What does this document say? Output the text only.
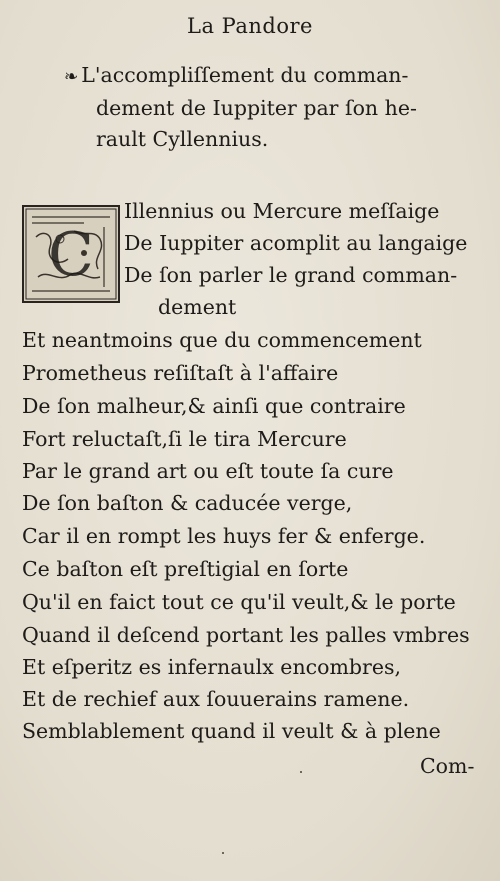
La Pandore
❧ L'accompliſſement du comman-
dement de Iuppiter par ſon he-
rault Cyllennius.
C
Illennius ou Mercure meſſaige
De Iuppiter acomplit au langaige
De ſon parler le grand comman-
dement
Et neantmoins que du commencement
Prometheus reſiſtaſt à l'affaire
De ſon malheur,& ainſi que contraire
Fort reluctaſt,ſi le tira Mercure
Par le grand art ou eſt toute ſa cure
De ſon baſton & caducée verge,
Car il en rompt les huys fer & enferge.
Ce baſton eſt preſtigial en ſorte
Qu'il en faict tout ce qu'il veult,& le porte
Quand il deſcend portant les palles vmbres
Et eſperitz es infernaulx encombres,
Et de rechief aux ſouuerains ramene.
Semblablement quand il veult & à plene
Com-
